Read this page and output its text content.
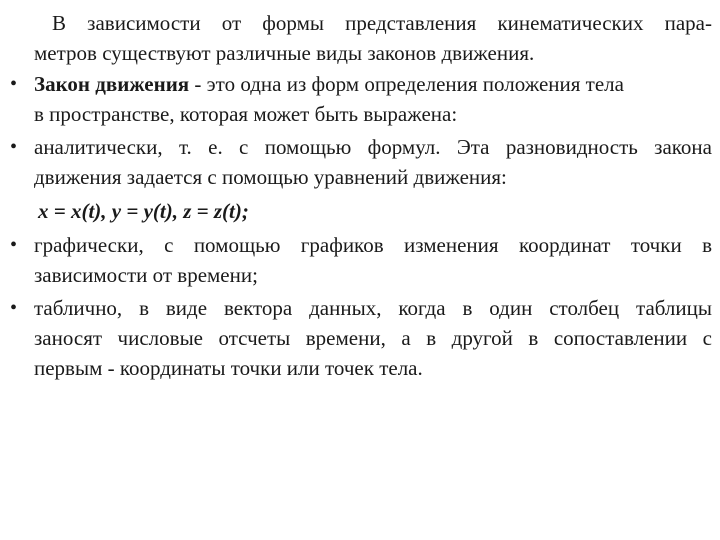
В зависимости от формы представления кинематических пара-
метров существуют различные виды законов движения.
• Закон движения - это одна из форм определения положения тела
в пространстве, которая может быть выражена:
• аналитически, т. е. с помощью формул. Эта разновидность закона
движения задается с помощью уравнений движения:
x = x(t), y = y(t), z = z(t);
• графически, с помощью графиков изменения координат точки в
зависимости от времени;
• таблично, в виде вектора данных, когда в один столбец таблицы
заносят числовые отсчеты времени, а в другой в сопоставлении с
первым - координаты точки или точек тела.
